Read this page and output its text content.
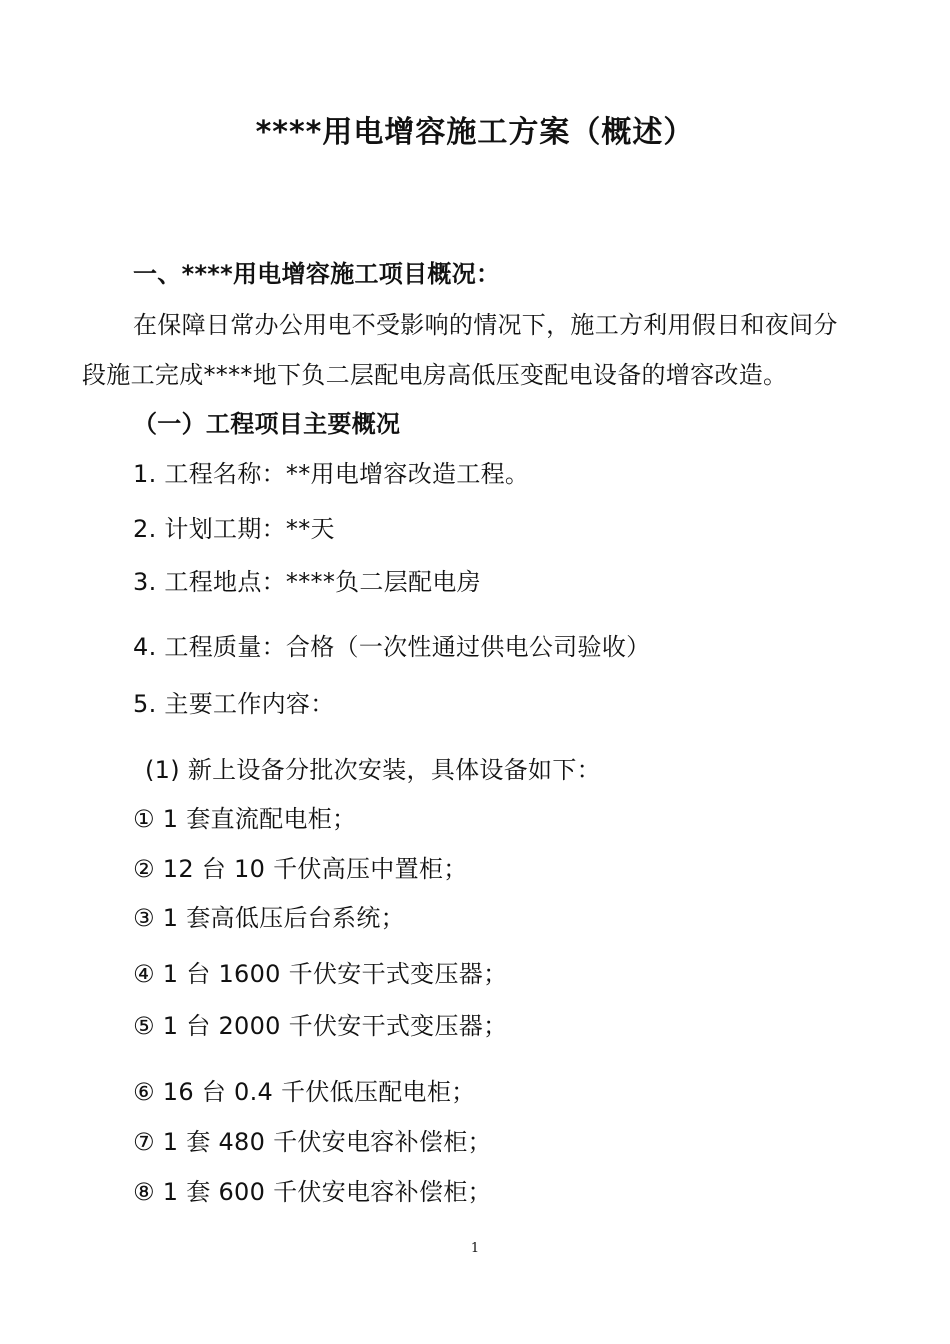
****用电增容施工方案（概述）
一、****用电增容施工项目概况：
在保障日常办公用电不受影响的情况下，施工方利用假日和夜间分
段施工完成****地下负二层配电房高低压变配电设备的增容改造。
（一）工程项目主要概况
1. 工程名称：**用电增容改造工程。
2. 计划工期：**天
3. 工程地点：****负二层配电房
4. 工程质量：合格（一次性通过供电公司验收）
5. 主要工作内容：
(1) 新上设备分批次安装，具体设备如下：
① 1 套直流配电柜；
② 12 台 10 千伏高压中置柜；
③ 1 套高低压后台系统；
④ 1 台 1600 千伏安干式变压器；
⑤ 1 台 2000 千伏安干式变压器；
⑥ 16 台 0.4 千伏低压配电柜；
⑦ 1 套 480 千伏安电容补偿柜；
⑧ 1 套 600 千伏安电容补偿柜；
1
